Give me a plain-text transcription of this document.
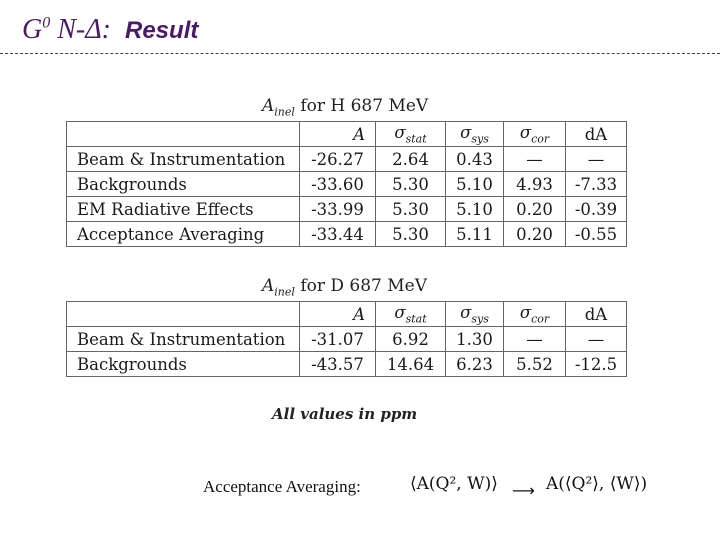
$G^0$ N-Δ: Result
$A_{inel}$ for H 687 MeV
	A	$\sigma_{stat}$	$\sigma_{sys}$	$\sigma_{cor}$	dA
Beam & Instrumentation	-26.27	2.64	0.43	—	—
Backgrounds	-33.60	5.30	5.10	4.93	-7.33
EM Radiative Effects	-33.99	5.30	5.10	0.20	-0.39
Acceptance Averaging	-33.44	5.30	5.11	0.20	-0.55
$A_{inel}$ for D 687 MeV
	A	$\sigma_{stat}$	$\sigma_{sys}$	$\sigma_{cor}$	dA
Beam & Instrumentation	-31.07	6.92	1.30	—	—
Backgrounds	-43.57	14.64	6.23	5.52	-12.5
All values in ppm
Acceptance Averaging:	⟨A(Q², W)⟩ ⟶ A(⟨Q²⟩, ⟨W⟩)
